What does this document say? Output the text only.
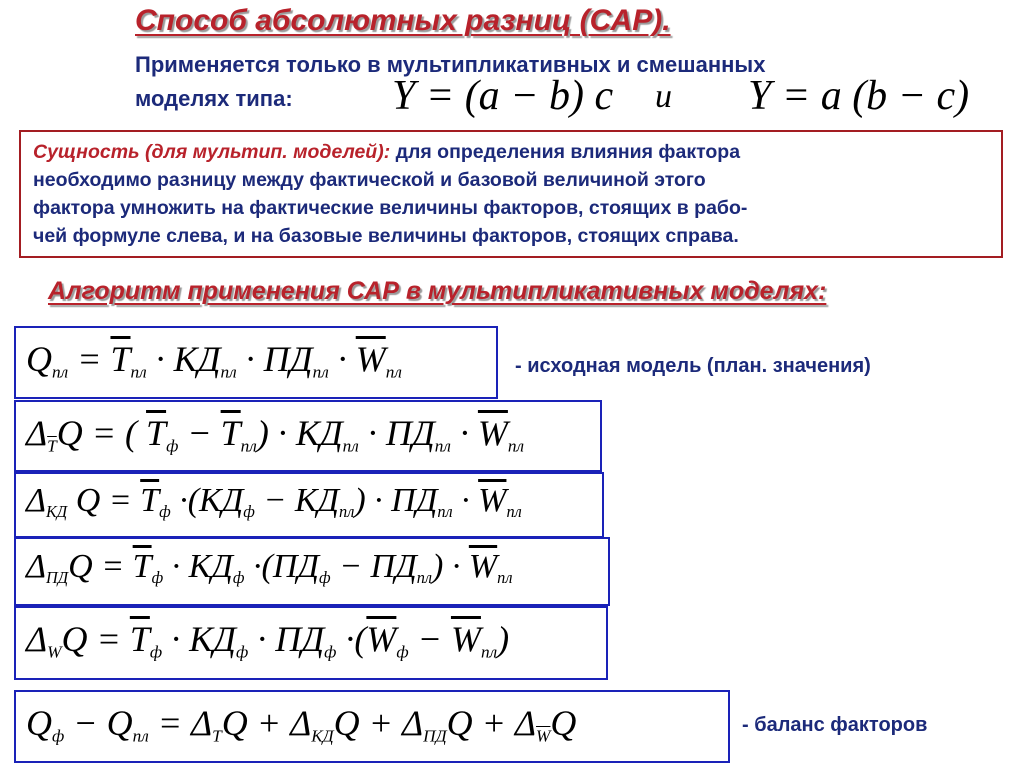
Способ абсолютных разниц (САР).
Применяется только в мультипликативных и смешанных
моделях типа:	Y = (a − b) c и Y = a (b − c)
Сущность (для мультип. моделей): для определения влияния фактора
необходимо разницу между фактической и базовой величиной этого
фактора умножить на фактические величины факторов, стоящих в рабо-
чей формуле слева, и на базовые величины факторов, стоящих справа.
Алгоритм применения САР в мультипликативных моделях:
$Q_{пл} = \overline{T}_{пл} \cdot КД_{пл} \cdot ПД_{пл} \cdot \overline{W}_{пл}$	- исходная модель (план. значения)
$\Delta_{\overline{T}}Q$ = ( $\overline{T}_ф - \overline{T}_{пл}) \cdot КД_{пл} \cdot ПД_{пл} \cdot \overline{W}_{пл}$
$\Delta_{КД}$ $Q = \overline{T}_ф \cdot(КД_ф - КД_{пл}) \cdot ПД_{пл} \cdot \overline{W}_{пл}$
$\Delta_{ПД}Q = \overline{T}_ф \cdot КД_ф \cdot(ПД_ф - ПД_{пл}) \cdot \overline{W}_{пл}$
$\Delta_WQ = \overline{T}_ф \cdot КД_ф \cdot ПД_ф \cdot(\overline{W}_ф - \overline{W}_{пл})$
$Q_ф - Q_{пл} = \Delta_TQ + \Delta_{КД}Q + \Delta_{ПД}Q + \Delta_{\overline{W}}Q$	- баланс факторов
